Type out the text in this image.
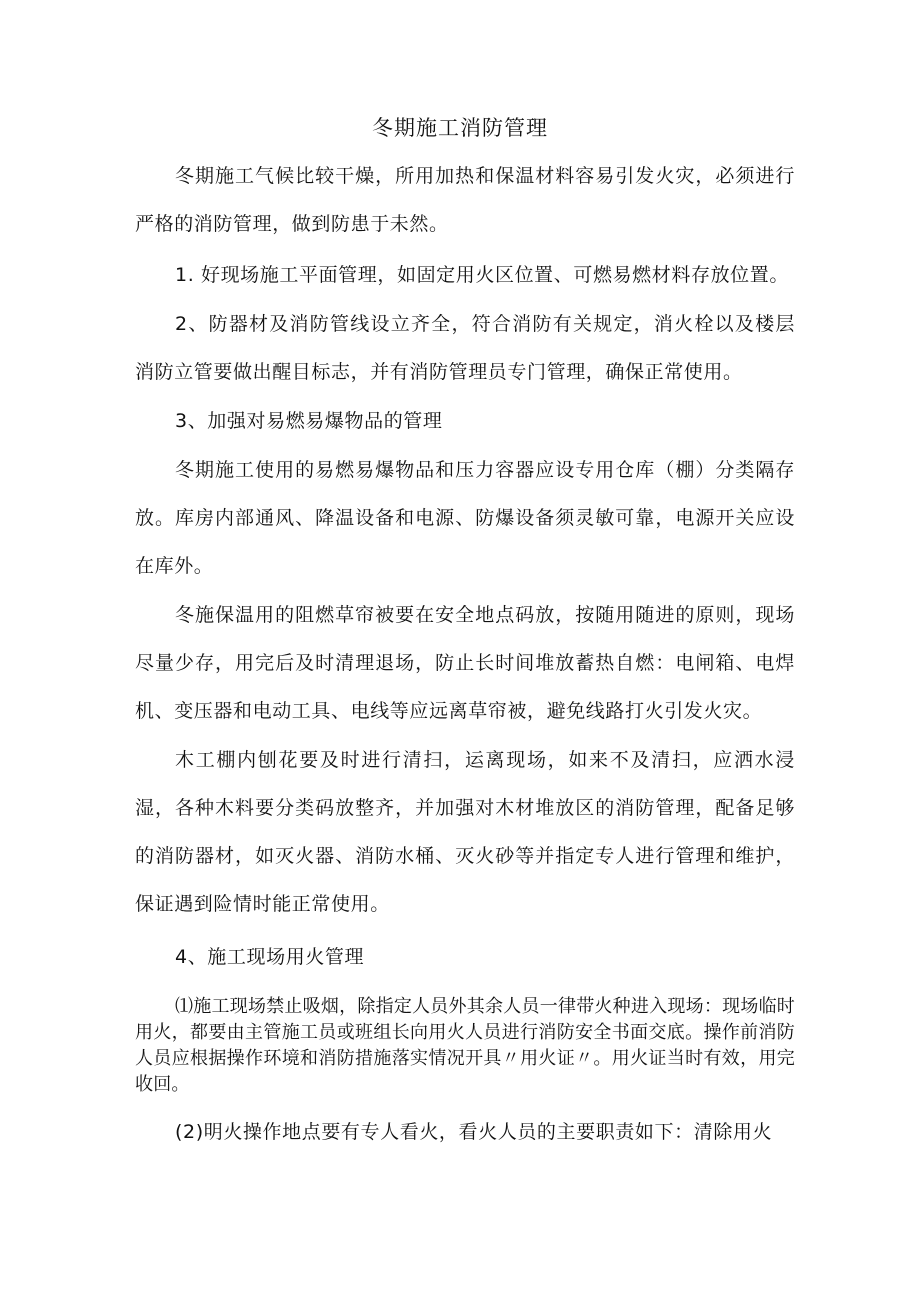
冬期施工消防管理

冬期施工气候比较干燥，所用加热和保温材料容易引发火灾，必须进行严格的消防管理，做到防患于未然。

1. 好现场施工平面管理，如固定用火区位置、可燃易燃材料存放位置。

2、防器材及消防管线设立齐全，符合消防有关规定，消火栓以及楼层消防立管要做出醒目标志，并有消防管理员专门管理，确保正常使用。

3、加强对易燃易爆物品的管理

冬期施工使用的易燃易爆物品和压力容器应设专用仓库（棚）分类隔存放。库房内部通风、降温设备和电源、防爆设备须灵敏可靠，电源开关应设在库外。

冬施保温用的阻燃草帘被要在安全地点码放，按随用随进的原则，现场尽量少存，用完后及时清理退场，防止长时间堆放蓄热自燃：电闸箱、电焊机、变压器和电动工具、电线等应远离草帘被，避免线路打火引发火灾。

木工棚内刨花要及时进行清扫，运离现场，如来不及清扫，应洒水浸湿，各种木料要分类码放整齐，并加强对木材堆放区的消防管理，配备足够的消防器材，如灭火器、消防水桶、灭火砂等并指定专人进行管理和维护，保证遇到险情时能正常使用。

4、施工现场用火管理

⑴施工现场禁止吸烟，除指定人员外其余人员一律带火种进入现场：现场临时用火，都要由主管施工员或班组长向用火人员进行消防安全书面交底。操作前消防人员应根据操作环境和消防措施落实情况开具〃用火证〃。用火证当时有效，用完收回。

(2)明火操作地点要有专人看火，看火人员的主要职责如下：清除用火
